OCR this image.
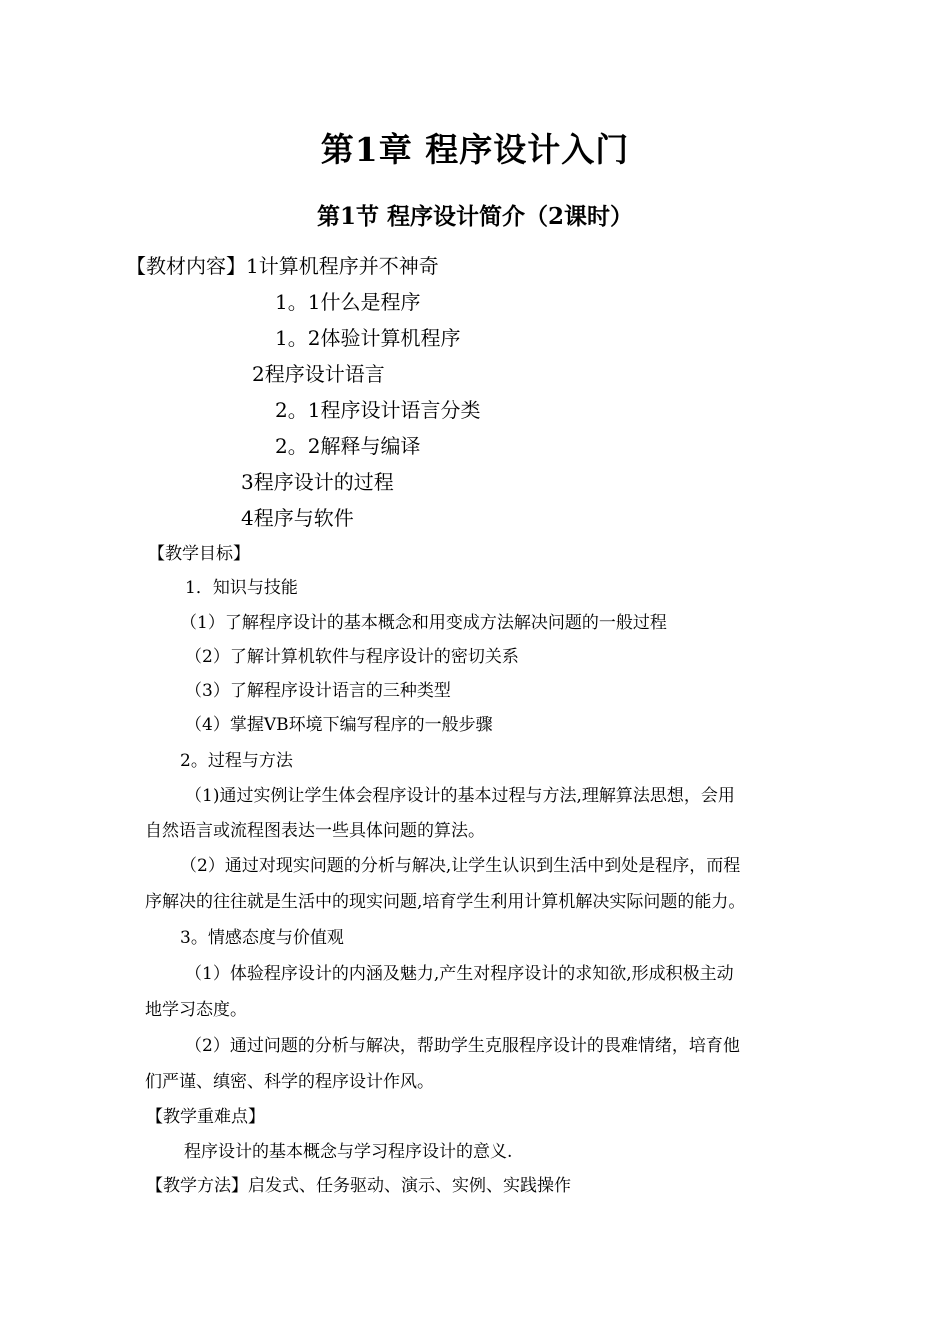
第1章 程序设计入门
第1节 程序设计简介（2课时）
【教材内容】1计算机程序并不神奇
1。1什么是程序
1。2体验计算机程序
2程序设计语言
2。1程序设计语言分类
2。2解释与编译
3程序设计的过程
4程序与软件
【教学目标】
1．知识与技能
（1）了解程序设计的基本概念和用变成方法解决问题的一般过程
（2）了解计算机软件与程序设计的密切关系
（3）了解程序设计语言的三种类型
（4）掌握VB环境下编写程序的一般步骤
2。过程与方法
（1)通过实例让学生体会程序设计的基本过程与方法,理解算法思想，会用
自然语言或流程图表达一些具体问题的算法。
（2）通过对现实问题的分析与解决,让学生认识到生活中到处是程序，而程
序解决的往往就是生活中的现实问题,培育学生利用计算机解决实际问题的能力。
3。情感态度与价值观
（1）体验程序设计的内涵及魅力,产生对程序设计的求知欲,形成积极主动
地学习态度。
（2）通过问题的分析与解决，帮助学生克服程序设计的畏难情绪，培育他
们严谨、缜密、科学的程序设计作风。
【教学重难点】
程序设计的基本概念与学习程序设计的意义.
【教学方法】启发式、任务驱动、演示、实例、实践操作
